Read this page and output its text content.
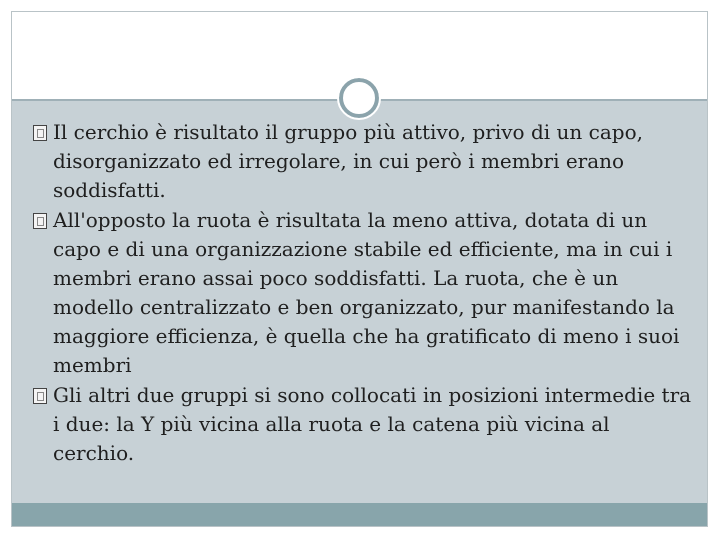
Il cerchio è risultato il gruppo più attivo, privo di un capo, disorganizzato ed irregolare, in cui però i membri erano soddisfatti.
All'opposto la ruota è risultata la meno attiva, dotata di un capo e di una organizzazione stabile ed efficiente, ma in cui i membri erano assai poco soddisfatti. La ruota, che è un modello centralizzato e ben organizzato, pur manifestando la maggiore efficienza, è quella che ha gratificato di meno i suoi membri
Gli altri due gruppi si sono collocati in posizioni intermedie tra i due: la Y più vicina alla ruota e la catena più vicina al cerchio.
